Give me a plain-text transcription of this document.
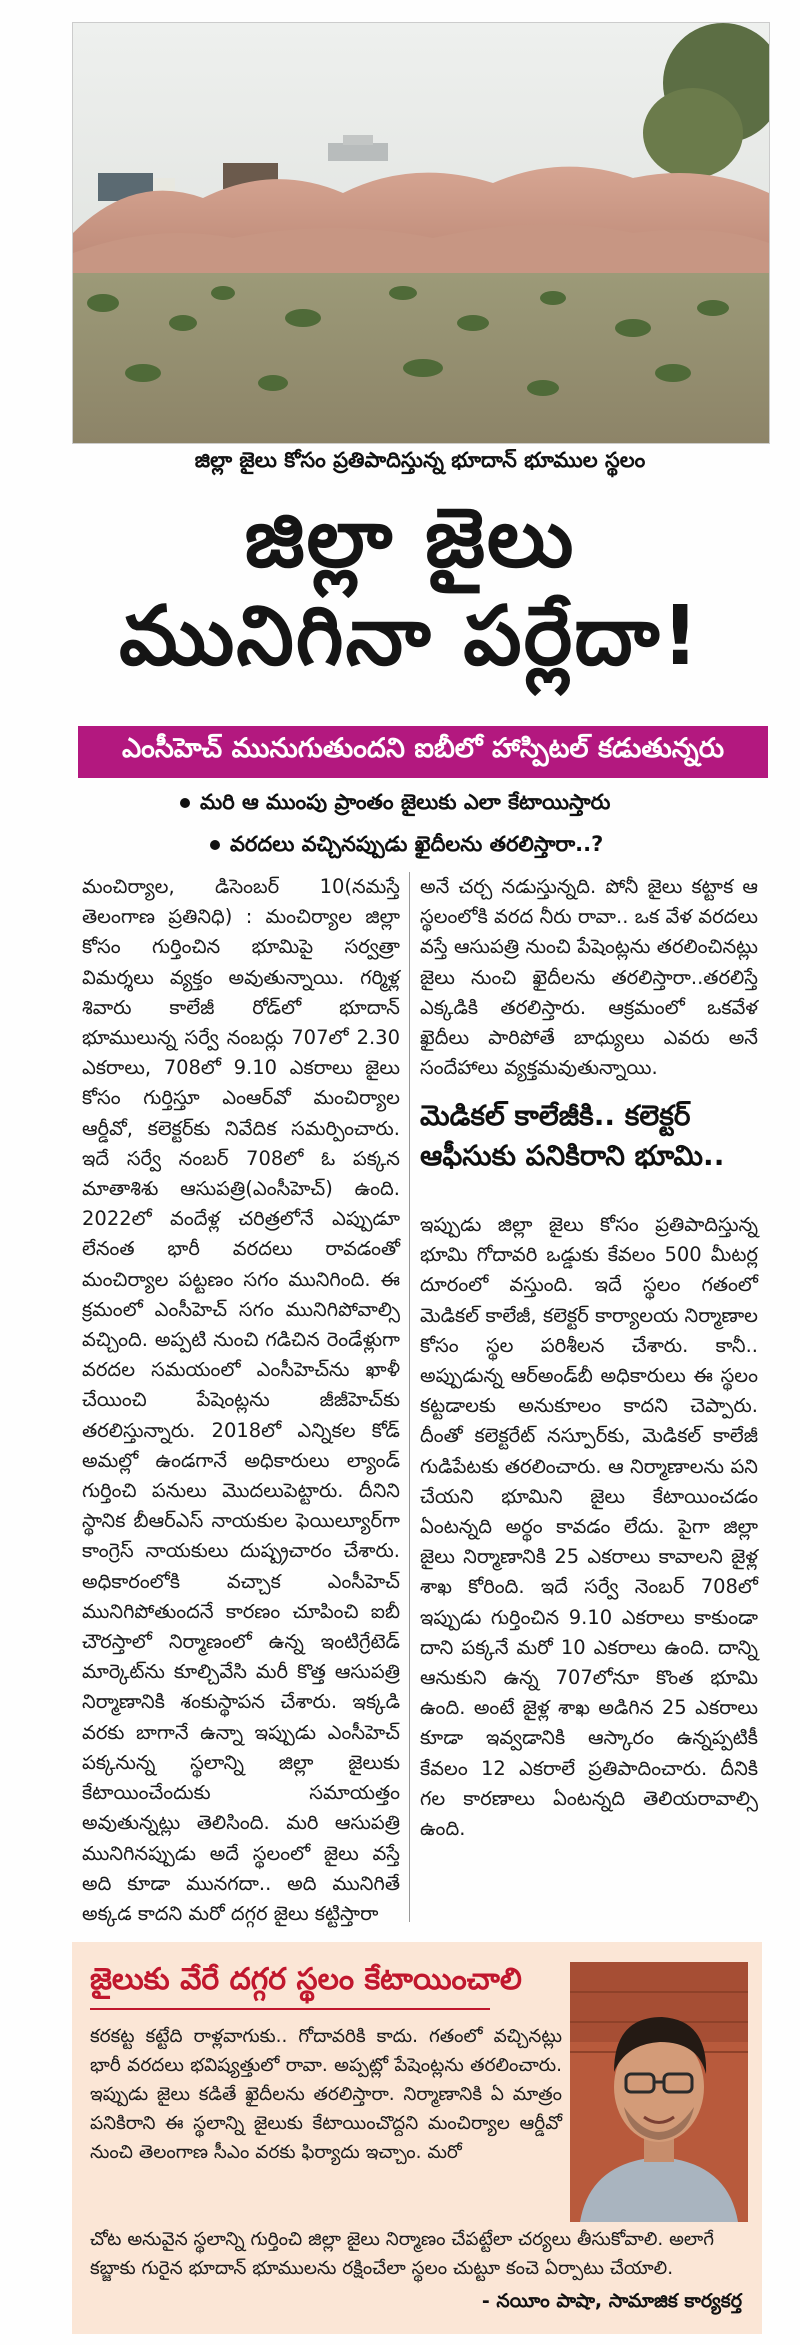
జిల్లా జైలు కోసం ప్రతిపాదిస్తున్న భూదాన్ భూముల స్థలం
జిల్లా జైలు
మునిగినా పర్లేదా!
ఎంసీహెచ్ మునుగుతుందని ఐబీలో హాస్పిటల్ కడుతున్నరు
మరి ఆ ముంపు ప్రాంతం జైలుకు ఎలా కేటాయిస్తారు
వరదలు వచ్చినప్పుడు ఖైదీలను తరలిస్తారా..?

మంచిర్యాల, డిసెంబర్ 10(నమస్తే తెలంగాణ ప్రతినిధి) : మంచిర్యాల జిల్లా కోసం గుర్తించిన భూమిపై సర్వత్రా విమర్శలు వ్యక్తం అవుతున్నాయి. గర్మిళ్ల శివారు కాలేజీ రోడ్‌లో భూదాన్ భూములున్న సర్వే నంబర్లు 707లో 2.30 ఎకరాలు, 708లో 9.10 ఎకరాలు జైలు కోసం గుర్తిస్తూ ఎంఆర్‌వో మంచిర్యాల ఆర్డీవో, కలెక్టర్‌కు నివేదిక సమర్పించారు. ఇదే సర్వే నంబర్ 708లో ఓ పక్కన మాతాశిశు ఆసుపత్రి(ఎంసీహెచ్) ఉంది. 2022లో వందేళ్ల చరిత్రలోనే ఎప్పుడూ లేనంత భారీ వరదలు రావడంతో మంచిర్యాల పట్టణం సగం మునిగింది. ఈ క్రమంలో ఎంసీహెచ్ సగం మునిగిపోవాల్సి వచ్చింది. అప్పటి నుంచి గడిచిన రెండేళ్లుగా వరదల సమయంలో ఎంసీహెచ్‌ను ఖాళీ చేయించి పేషెంట్లను జీజీహెచ్‌కు తరలిస్తున్నారు. 2018లో ఎన్నికల కోడ్ అమల్లో ఉండగానే అధికారులు ల్యాండ్ గుర్తించి పనులు మొదలుపెట్టారు. దీనిని స్థానిక బీఆర్ఎస్ నాయకుల ఫెయిల్యూర్‌గా కాంగ్రెస్ నాయకులు దుష్ప్రచారం చేశారు. అధికారంలోకి వచ్చాక ఎంసీహెచ్ మునిగిపోతుందనే కారణం చూపించి ఐబీ చౌరస్తాలో నిర్మాణంలో ఉన్న ఇంటిగ్రేటెడ్ మార్కెట్‌ను కూల్చివేసి మరీ కొత్త ఆసుపత్రి నిర్మాణానికి శంకుస్థాపన చేశారు. ఇక్కడి వరకు బాగానే ఉన్నా ఇప్పుడు ఎంసీహెచ్ పక్కనున్న స్థలాన్ని జిల్లా జైలుకు కేటాయించేందుకు సమాయత్తం అవుతున్నట్లు తెలిసింది. మరి ఆసుపత్రి మునిగినప్పుడు అదే స్థలంలో జైలు వస్తే అది కూడా మునగదా.. అది మునిగితే అక్కడ కాదని మరో దగ్గర జైలు కట్టిస్తారా

అనే చర్చ నడుస్తున్నది. పోనీ జైలు కట్టాక ఆ స్థలంలోకి వరద నీరు రావా.. ఒక వేళ వరదలు వస్తే ఆసుపత్రి నుంచి పేషెంట్లను తరలించినట్లు జైలు నుంచి ఖైదీలను తరలిస్తారా..తరలిస్తే ఎక్కడికి తరలిస్తారు. ఆక్రమంలో ఒకవేళ ఖైదీలు పారిపోతే బాధ్యులు ఎవరు అనే సందేహాలు వ్యక్తమవుతున్నాయి.

మెడికల్ కాలేజీకి.. కలెక్టర్ ఆఫీసుకు పనికిరాని భూమి..

ఇప్పుడు జిల్లా జైలు కోసం ప్రతిపాదిస్తున్న భూమి గోదావరి ఒడ్డుకు కేవలం 500 మీటర్ల దూరంలో వస్తుంది. ఇదే స్థలం గతంలో మెడికల్ కాలేజీ, కలెక్టర్ కార్యాలయ నిర్మాణాల కోసం స్థల పరిశీలన చేశారు. కానీ.. అప్పుడున్న ఆర్అండ్‌బీ అధికారులు ఈ స్థలం కట్టడాలకు అనుకూలం కాదని చెప్పారు. దీంతో కలెక్టరేట్ నస్పూర్‌కు, మెడికల్ కాలేజీ గుడిపేటకు తరలించారు. ఆ నిర్మాణాలను పని చేయని భూమిని జైలు కేటాయించడం ఏంటన్నది అర్థం కావడం లేదు. పైగా జిల్లా జైలు నిర్మాణానికి 25 ఎకరాలు కావాలని జైళ్ల శాఖ కోరింది. ఇదే సర్వే నెంబర్ 708లో ఇప్పుడు గుర్తించిన 9.10 ఎకరాలు కాకుండా దాని పక్కనే మరో 10 ఎకరాలు ఉంది. దాన్ని ఆనుకుని ఉన్న 707లోనూ కొంత భూమి ఉంది. అంటే జైళ్ల శాఖ అడిగిన 25 ఎకరాలు కూడా ఇవ్వడానికి ఆస్కారం ఉన్నప్పటికీ కేవలం 12 ఎకరాలే ప్రతిపాదించారు. దీనికి గల కారణాలు ఏంటన్నది తెలియరావాల్సి ఉంది.

జైలుకు వేరే దగ్గర స్థలం కేటాయించాలి
కరకట్ట కట్టేది రాళ్లవాగుకు.. గోదావరికి కాదు. గతంలో వచ్చినట్లు భారీ వరదలు భవిష్యత్తులో రావా. అప్పట్లో పేషెంట్లను తరలించారు. ఇప్పుడు జైలు కడితే ఖైదీలను తరలిస్తారా. నిర్మాణానికి ఏ మాత్రం పనికిరాని ఈ స్థలాన్ని జైలుకు కేటాయించొద్దని మంచిర్యాల ఆర్డీవో నుంచి తెలంగాణ సీఎం వరకు ఫిర్యాదు ఇచ్చాం. మరో
చోట అనువైన స్థలాన్ని గుర్తించి జిల్లా జైలు నిర్మాణం చేపట్టేలా చర్యలు తీసుకోవాలి. అలాగే కబ్జాకు గురైన భూదాన్ భూములను రక్షించేలా స్థలం చుట్టూ కంచె ఏర్పాటు చేయాలి.
- నయీం పాషా, సామాజిక కార్యకర్త
